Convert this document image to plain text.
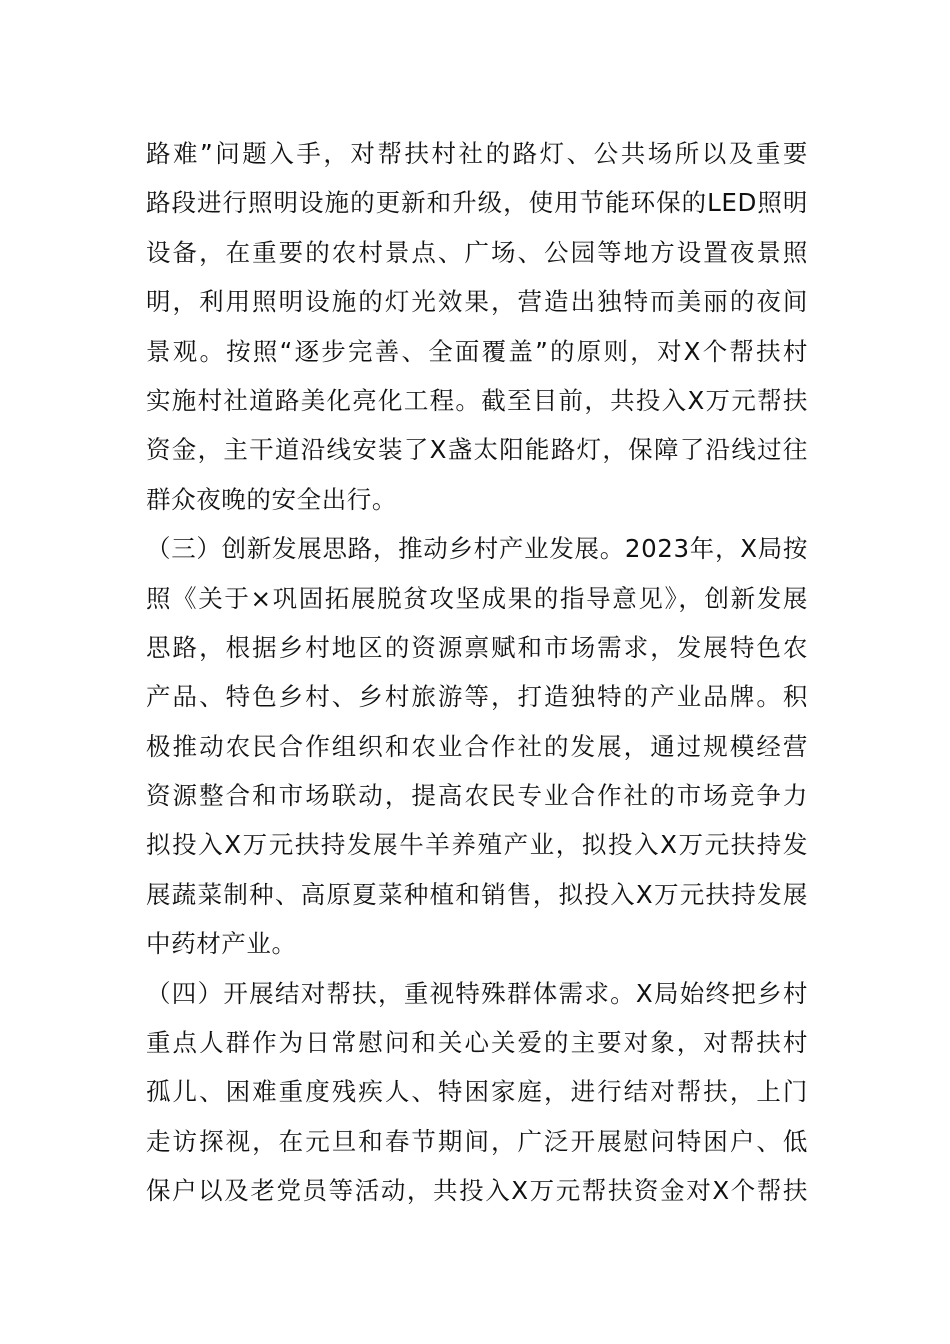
路难”问题入手，对帮扶村社的路灯、公共场所以及重要
路段进行照明设施的更新和升级，使用节能环保的LED照明
设备，在重要的农村景点、广场、公园等地方设置夜景照
明，利用照明设施的灯光效果，营造出独特而美丽的夜间
景观。按照“逐步完善、全面覆盖”的原则，对X个帮扶村
实施村社道路美化亮化工程。截至目前，共投入X万元帮扶
资金，主干道沿线安装了X盏太阳能路灯，保障了沿线过往
群众夜晚的安全出行。
（三）创新发展思路，推动乡村产业发展。2023年，X局按
照《关于×巩固拓展脱贫攻坚成果的指导意见》，创新发展
思路，根据乡村地区的资源禀赋和市场需求，发展特色农
产品、特色乡村、乡村旅游等，打造独特的产业品牌。积
极推动农民合作组织和农业合作社的发展，通过规模经营
资源整合和市场联动，提高农民专业合作社的市场竞争力
拟投入X万元扶持发展牛羊养殖产业，拟投入X万元扶持发
展蔬菜制种、高原夏菜种植和销售，拟投入X万元扶持发展
中药材产业。
（四）开展结对帮扶，重视特殊群体需求。X局始终把乡村
重点人群作为日常慰问和关心关爱的主要对象，对帮扶村
孤儿、困难重度残疾人、特困家庭，进行结对帮扶，上门
走访探视，在元旦和春节期间，广泛开展慰问特困户、低
保户以及老党员等活动，共投入X万元帮扶资金对X个帮扶
